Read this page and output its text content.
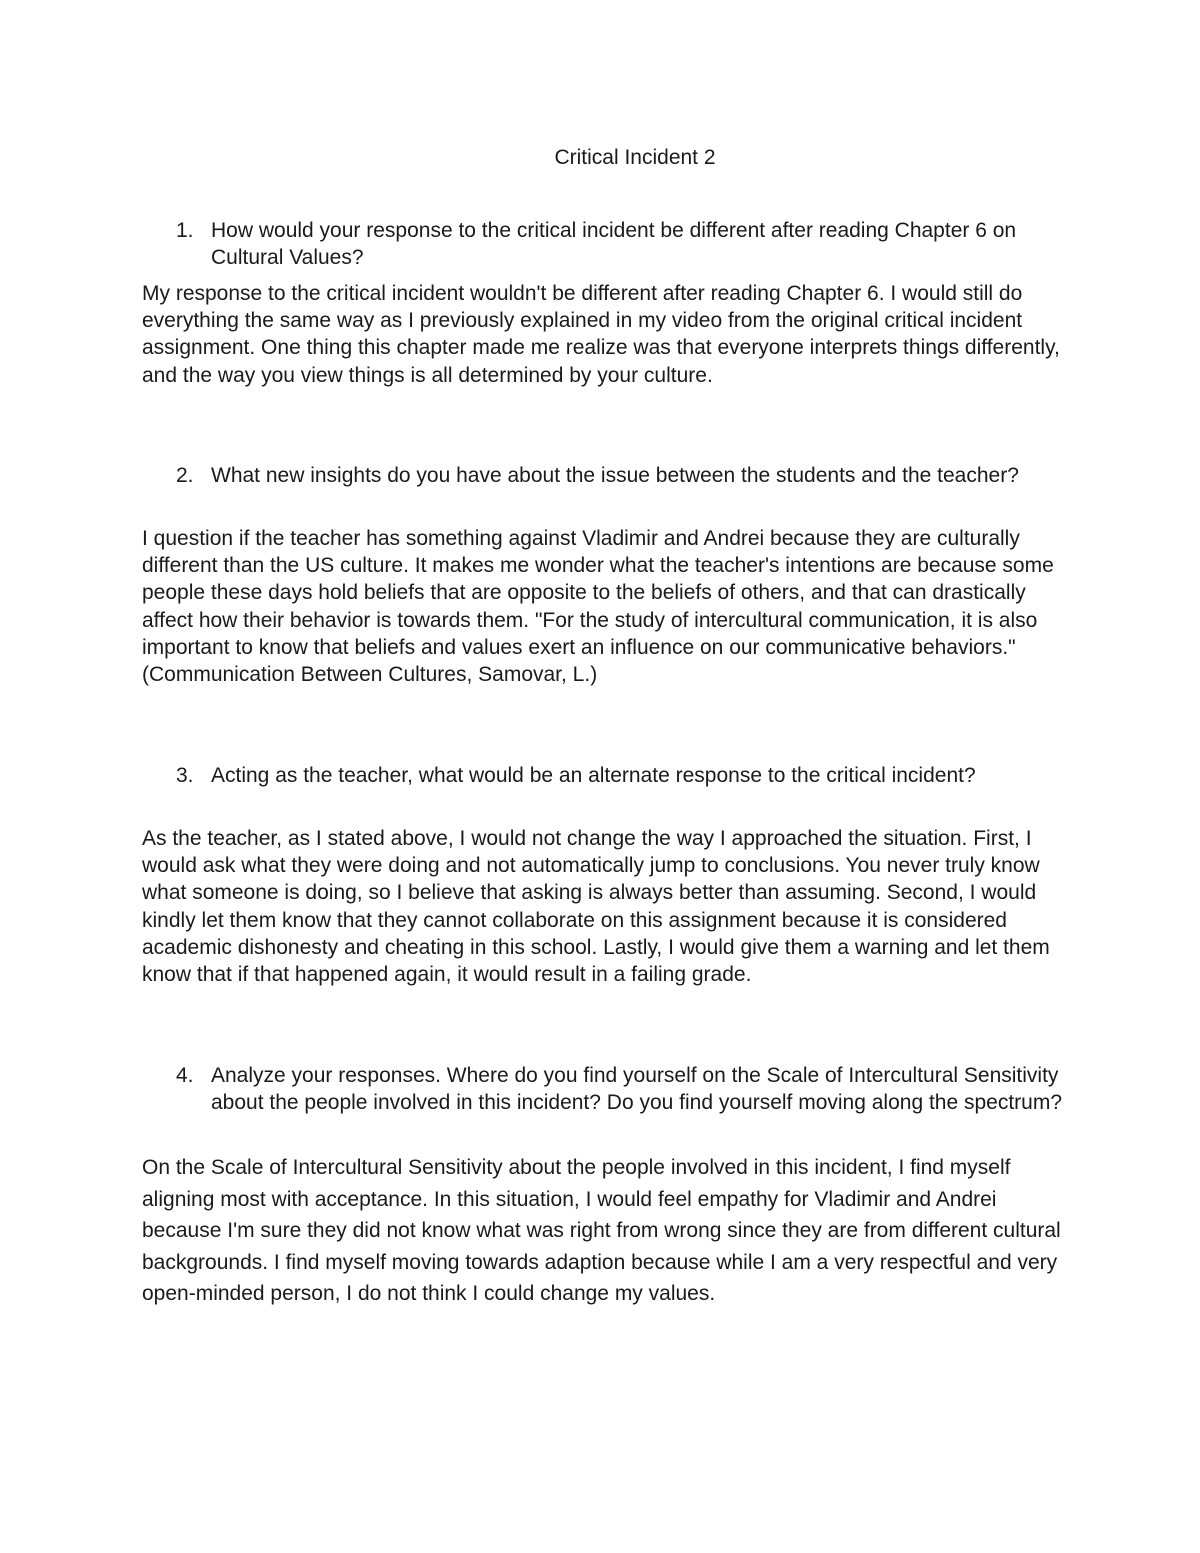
Critical Incident 2
1. How would your response to the critical incident be different after reading Chapter 6 on Cultural Values?
My response to the critical incident wouldn't be different after reading Chapter 6. I would still do everything the same way as I previously explained in my video from the original critical incident assignment. One thing this chapter made me realize was that everyone interprets things differently, and the way you view things is all determined by your culture.
2. What new insights do you have about the issue between the students and the teacher?
I question if the teacher has something against Vladimir and Andrei because they are culturally different than the US culture. It makes me wonder what the teacher's intentions are because some people these days hold beliefs that are opposite to the beliefs of others, and that can drastically affect how their behavior is towards them. "For the study of intercultural communication, it is also important to know that beliefs and values exert an influence on our communicative behaviors." (Communication Between Cultures, Samovar, L.)
3. Acting as the teacher, what would be an alternate response to the critical incident?
As the teacher, as I stated above, I would not change the way I approached the situation. First, I would ask what they were doing and not automatically jump to conclusions. You never truly know what someone is doing, so I believe that asking is always better than assuming. Second, I would kindly let them know that they cannot collaborate on this assignment because it is considered academic dishonesty and cheating in this school. Lastly, I would give them a warning and let them know that if that happened again, it would result in a failing grade.
4. Analyze your responses. Where do you find yourself on the Scale of Intercultural Sensitivity about the people involved in this incident? Do you find yourself moving along the spectrum?
On the Scale of Intercultural Sensitivity about the people involved in this incident, I find myself aligning most with acceptance. In this situation, I would feel empathy for Vladimir and Andrei because I'm sure they did not know what was right from wrong since they are from different cultural backgrounds. I find myself moving towards adaption because while I am a very respectful and very open-minded person, I do not think I could change my values.
